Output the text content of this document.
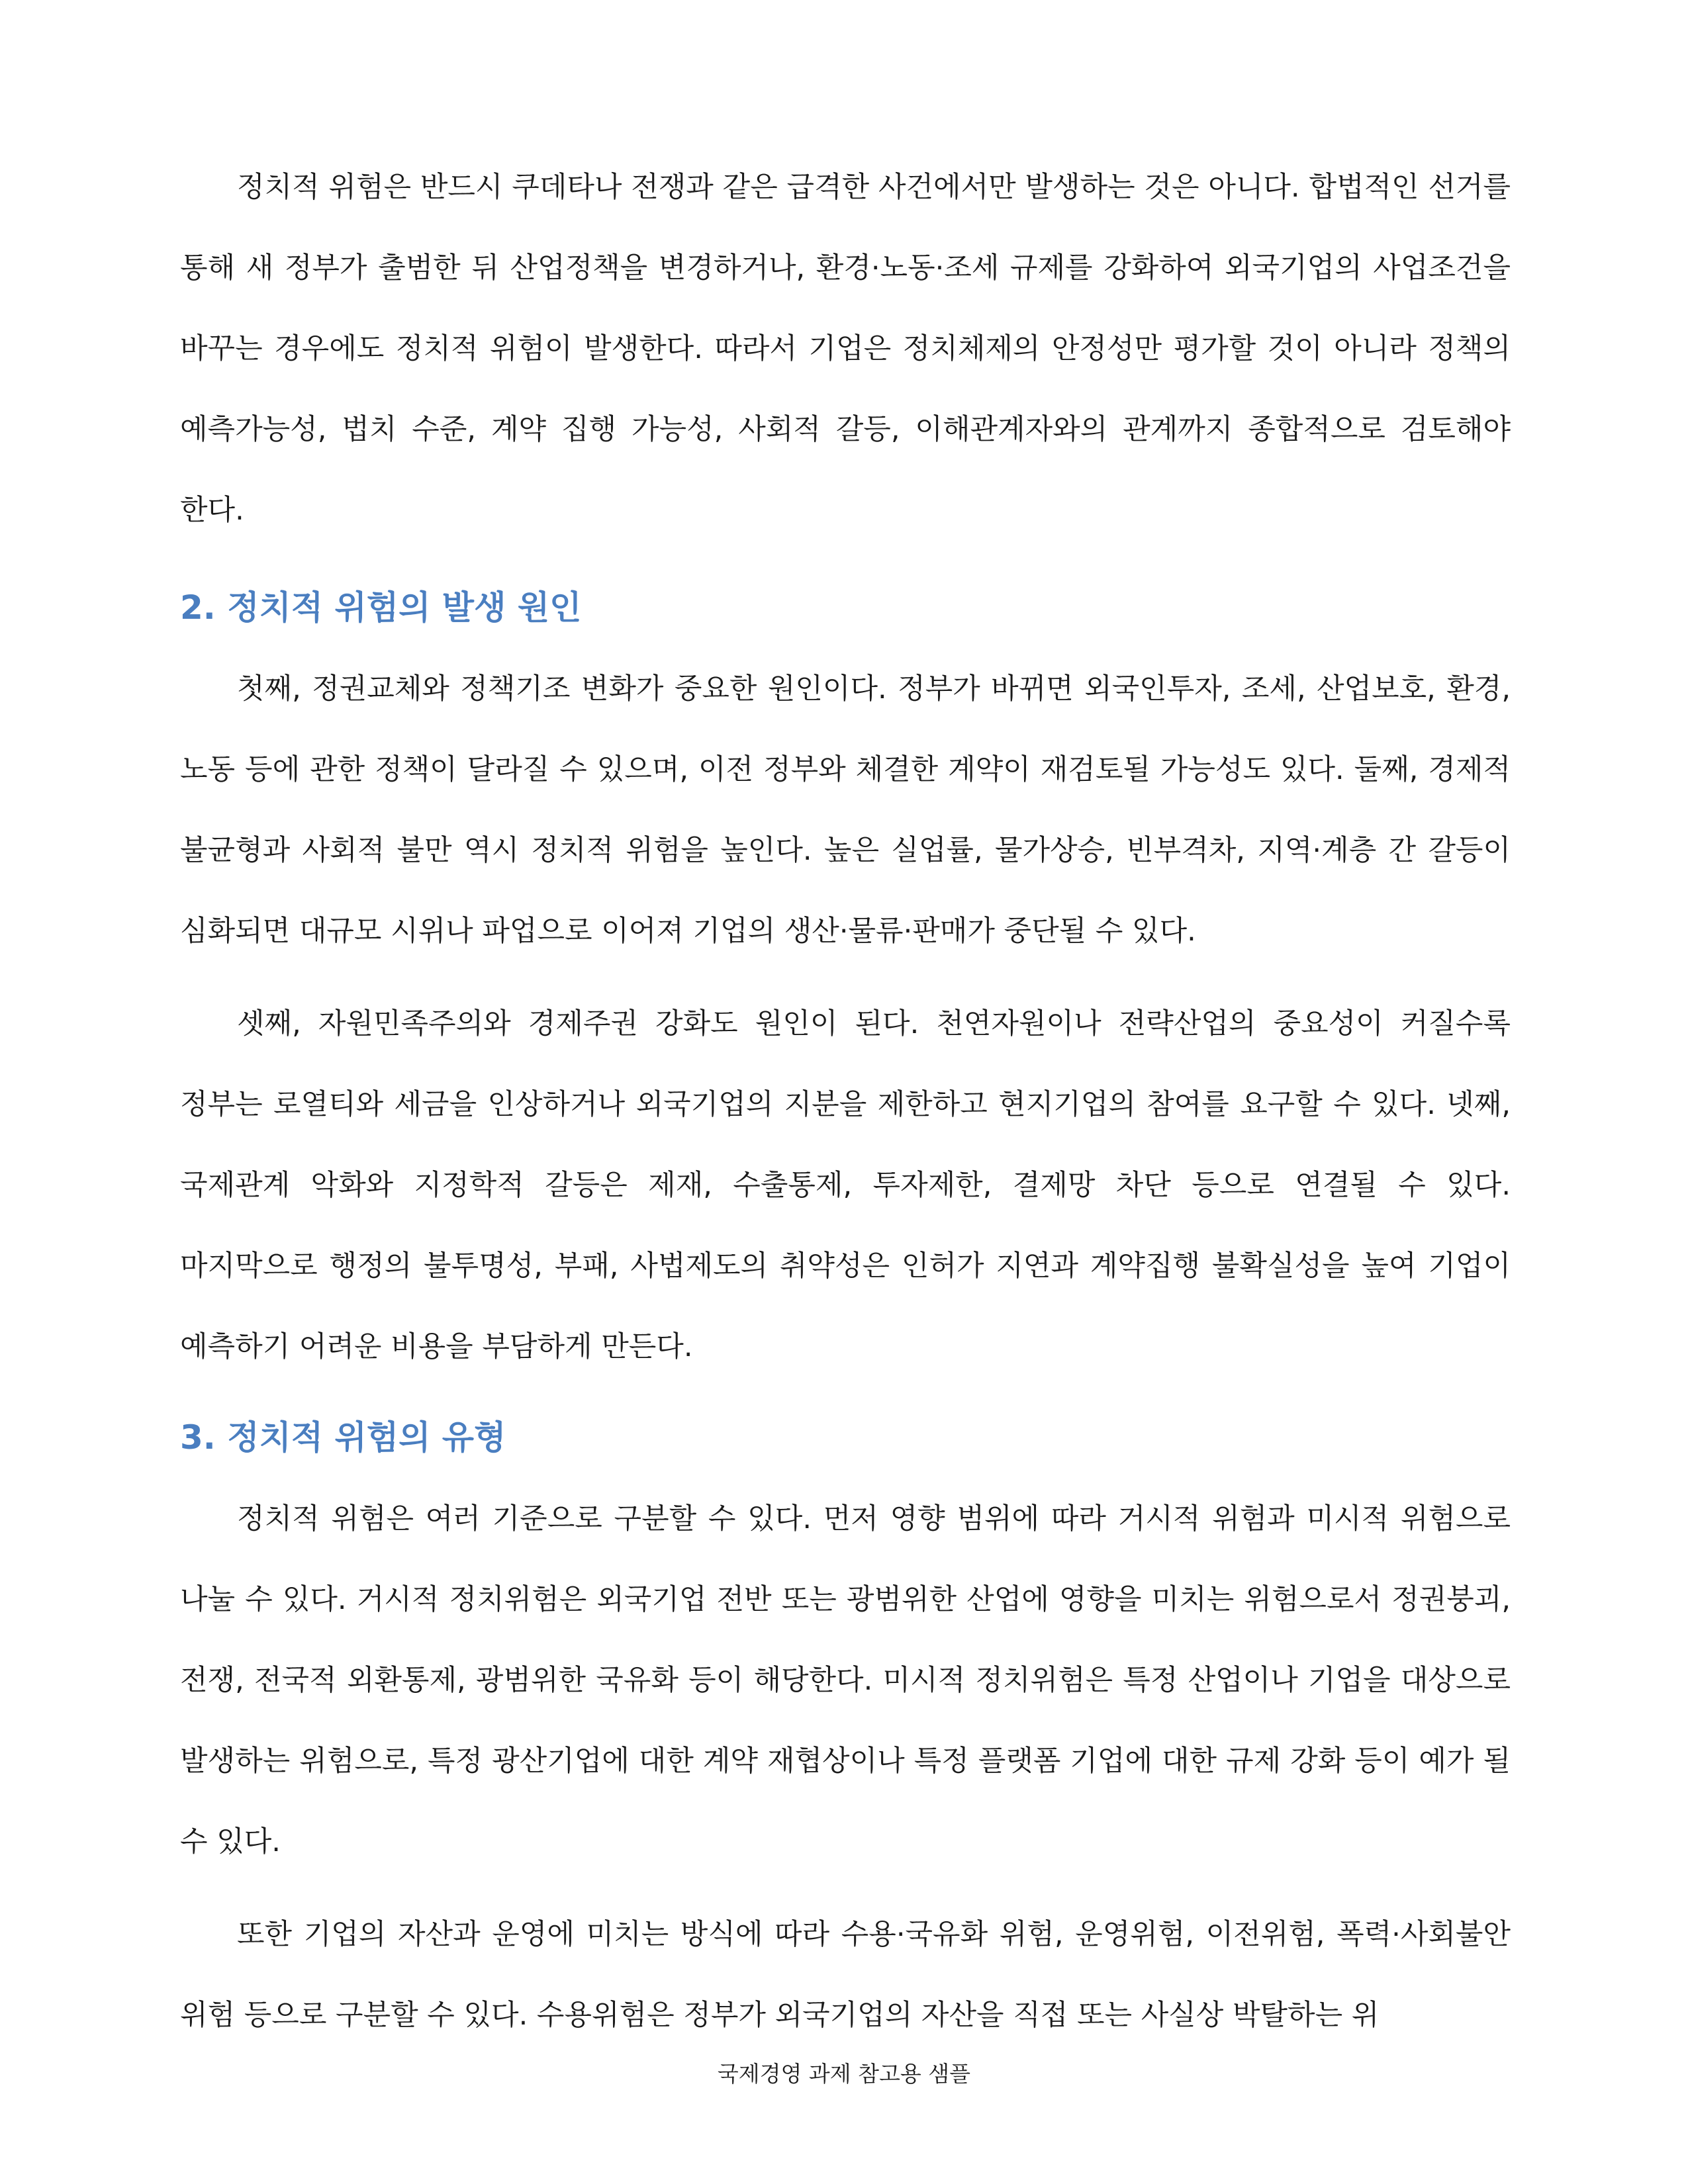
정치적 위험은 반드시 쿠데타나 전쟁과 같은 급격한 사건에서만 발생하는 것은 아니다. 합법적인 선거를 통해 새 정부가 출범한 뒤 산업정책을 변경하거나, 환경·노동·조세 규제를 강화하여 외국기업의 사업조건을 바꾸는 경우에도 정치적 위험이 발생한다. 따라서 기업은 정치체제의 안정성만 평가할 것이 아니라 정책의 예측가능성, 법치 수준, 계약 집행 가능성, 사회적 갈등, 이해관계자와의 관계까지 종합적으로 검토해야 한다.

2. 정치적 위험의 발생 원인

첫째, 정권교체와 정책기조 변화가 중요한 원인이다. 정부가 바뀌면 외국인투자, 조세, 산업보호, 환경, 노동 등에 관한 정책이 달라질 수 있으며, 이전 정부와 체결한 계약이 재검토될 가능성도 있다. 둘째, 경제적 불균형과 사회적 불만 역시 정치적 위험을 높인다. 높은 실업률, 물가상승, 빈부격차, 지역·계층 간 갈등이 심화되면 대규모 시위나 파업으로 이어져 기업의 생산·물류·판매가 중단될 수 있다.

셋째, 자원민족주의와 경제주권 강화도 원인이 된다. 천연자원이나 전략산업의 중요성이 커질수록 정부는 로열티와 세금을 인상하거나 외국기업의 지분을 제한하고 현지기업의 참여를 요구할 수 있다. 넷째, 국제관계 악화와 지정학적 갈등은 제재, 수출통제, 투자제한, 결제망 차단 등으로 연결될 수 있다. 마지막으로 행정의 불투명성, 부패, 사법제도의 취약성은 인허가 지연과 계약집행 불확실성을 높여 기업이 예측하기 어려운 비용을 부담하게 만든다.

3. 정치적 위험의 유형

정치적 위험은 여러 기준으로 구분할 수 있다. 먼저 영향 범위에 따라 거시적 위험과 미시적 위험으로 나눌 수 있다. 거시적 정치위험은 외국기업 전반 또는 광범위한 산업에 영향을 미치는 위험으로서 정권붕괴, 전쟁, 전국적 외환통제, 광범위한 국유화 등이 해당한다. 미시적 정치위험은 특정 산업이나 기업을 대상으로 발생하는 위험으로, 특정 광산기업에 대한 계약 재협상이나 특정 플랫폼 기업에 대한 규제 강화 등이 예가 될 수 있다.

또한 기업의 자산과 운영에 미치는 방식에 따라 수용·국유화 위험, 운영위험, 이전위험, 폭력·사회불안 위험 등으로 구분할 수 있다. 수용위험은 정부가 외국기업의 자산을 직접 또는 사실상 박탈하는 위

국제경영 과제 참고용 샘플
